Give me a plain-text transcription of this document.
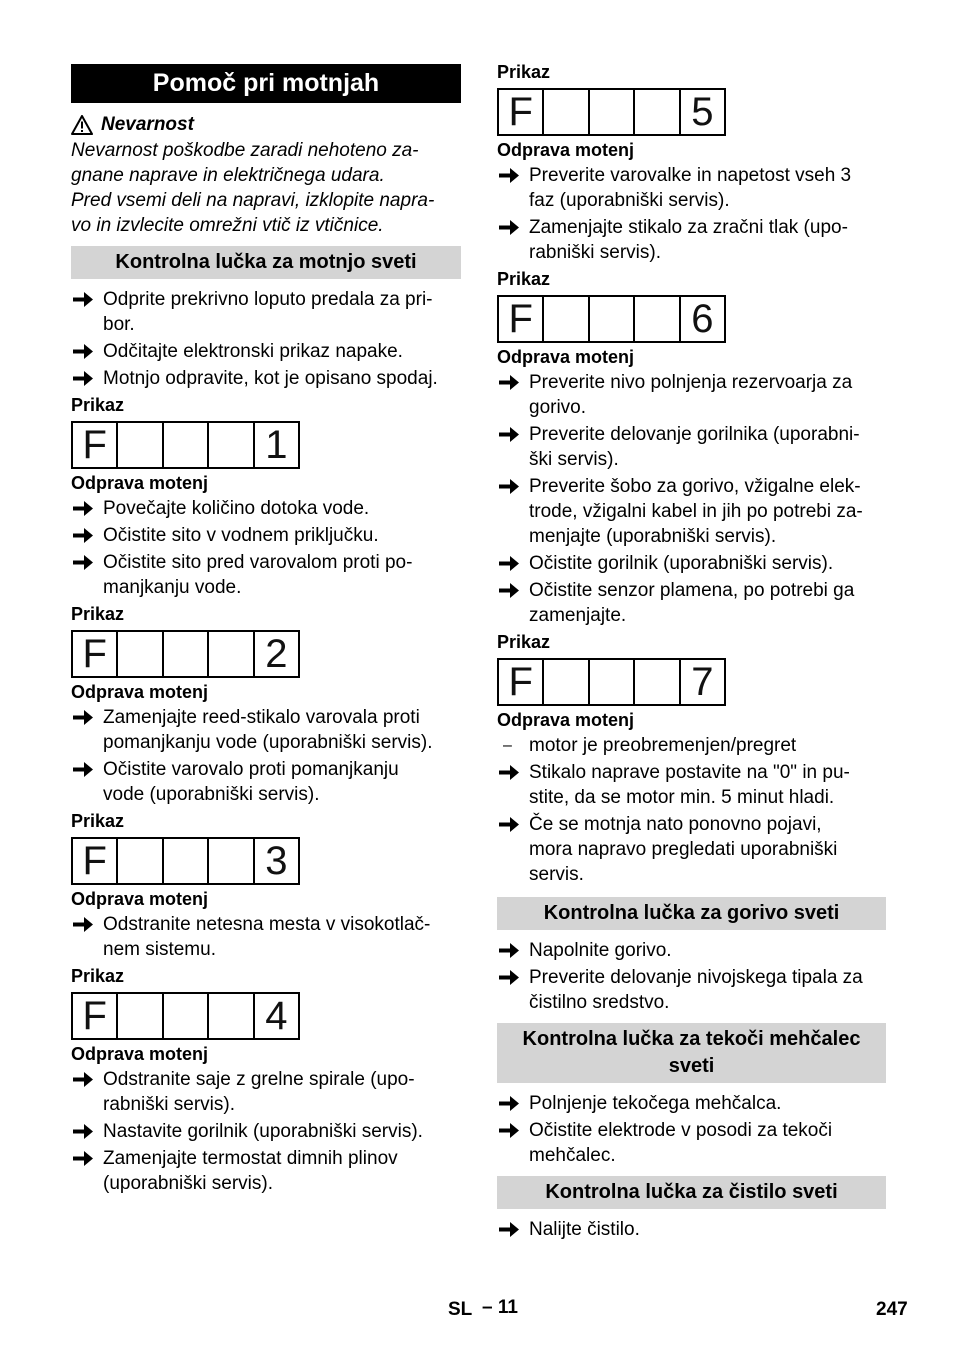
Pomoč pri motnjah
Nevarnost
Nevarnost poškodbe zaradi nehoteno za-
gnane naprave in električnega udara.
Pred vsemi deli na napravi, izklopite napra-
vo in izvlecite omrežni vtič iz vtičnice.
Kontrolna lučka za motnjo sveti
Odprite prekrivno loputo predala za pri-
bor.
Odčitajte elektronski prikaz napake.
Motnjo odpravite, kot je opisano spodaj.
Prikaz
F	1
Odprava motenj
Povečajte količino dotoka vode.
Očistite sito v vodnem priključku.
Očistite sito pred varovalom proti po-
manjkanju vode.
Prikaz
F	2
Odprava motenj
Zamenjajte reed-stikalo varovala proti
pomanjkanju vode (uporabniški servis).
Očistite varovalo proti pomanjkanju
vode (uporabniški servis).
Prikaz
F	3
Odprava motenj
Odstranite netesna mesta v visokotlač-
nem sistemu.
Prikaz
F	4
Odprava motenj
Odstranite saje z grelne spirale (upo-
rabniški servis).
Nastavite gorilnik (uporabniški servis).
Zamenjajte termostat dimnih plinov
(uporabniški servis).
Prikaz
F	5
Odprava motenj
Preverite varovalke in napetost vseh 3
faz (uporabniški servis).
Zamenjajte stikalo za zračni tlak (upo-
rabniški servis).
Prikaz
F	6
Odprava motenj
Preverite nivo polnjenja rezervoarja za
gorivo.
Preverite delovanje gorilnika (uporabni-
ški servis).
Preverite šobo za gorivo, vžigalne elek-
trode, vžigalni kabel in jih po potrebi za-
menjajte (uporabniški servis).
Očistite gorilnik (uporabniški servis).
Očistite senzor plamena, po potrebi ga
zamenjajte.
Prikaz
F	7
Odprava motenj
– motor je preobremenjen/pregret
Stikalo naprave postavite na "0" in pu-
stite, da se motor min. 5 minut hladi.
Če se motnja nato ponovno pojavi,
mora napravo pregledati uporabniški
servis.
Kontrolna lučka za gorivo sveti
Napolnite gorivo.
Preverite delovanje nivojskega tipala za
čistilno sredstvo.
Kontrolna lučka za tekoči mehčalec
sveti
Polnjenje tekočega mehčalca.
Očistite elektrode v posodi za tekoči
mehčalec.
Kontrolna lučka za čistilo sveti
Nalijte čistilo.
SL – 11	247
